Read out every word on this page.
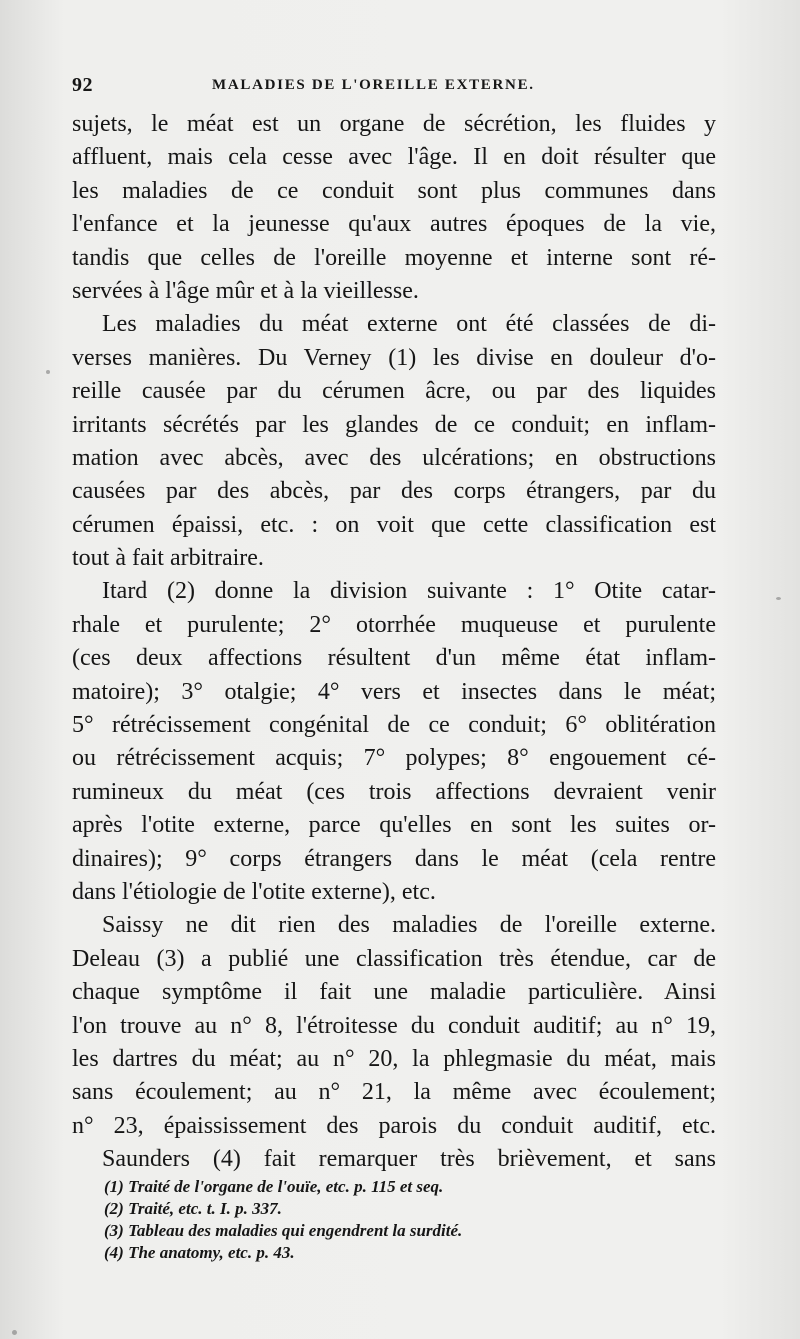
92	MALADIES DE L'OREILLE EXTERNE.
sujets, le méat est un organe de sécrétion, les fluides y
affluent, mais cela cesse avec l'âge. Il en doit résulter que
les maladies de ce conduit sont plus communes dans
l'enfance et la jeunesse qu'aux autres époques de la vie,
tandis que celles de l'oreille moyenne et interne sont ré-
servées à l'âge mûr et à la vieillesse.
Les maladies du méat externe ont été classées de di-
verses manières. Du Verney (1) les divise en douleur d'o-
reille causée par du cérumen âcre, ou par des liquides
irritants sécrétés par les glandes de ce conduit; en inflam-
mation avec abcès, avec des ulcérations; en obstructions
causées par des abcès, par des corps étrangers, par du
cérumen épaissi, etc. : on voit que cette classification est
tout à fait arbitraire.
Itard (2) donne la division suivante : 1° Otite catar-
rhale et purulente; 2° otorrhée muqueuse et purulente
(ces deux affections résultent d'un même état inflam-
matoire); 3° otalgie; 4° vers et insectes dans le méat;
5° rétrécissement congénital de ce conduit; 6° oblitération
ou rétrécissement acquis; 7° polypes; 8° engouement cé-
rumineux du méat (ces trois affections devraient venir
après l'otite externe, parce qu'elles en sont les suites or-
dinaires); 9° corps étrangers dans le méat (cela rentre
dans l'étiologie de l'otite externe), etc.
Saissy ne dit rien des maladies de l'oreille externe.
Deleau (3) a publié une classification très étendue, car de
chaque symptôme il fait une maladie particulière. Ainsi
l'on trouve au n° 8, l'étroitesse du conduit auditif; au n° 19,
les dartres du méat; au n° 20, la phlegmasie du méat, mais
sans écoulement; au n° 21, la même avec écoulement;
n° 23, épaississement des parois du conduit auditif, etc.
Saunders (4) fait remarquer très brièvement, et sans
(1) Traité de l'organe de l'ouïe, etc. p. 115 et seq.
(2) Traité, etc. t. I. p. 337.
(3) Tableau des maladies qui engendrent la surdité.
(4) The anatomy, etc. p. 43.
